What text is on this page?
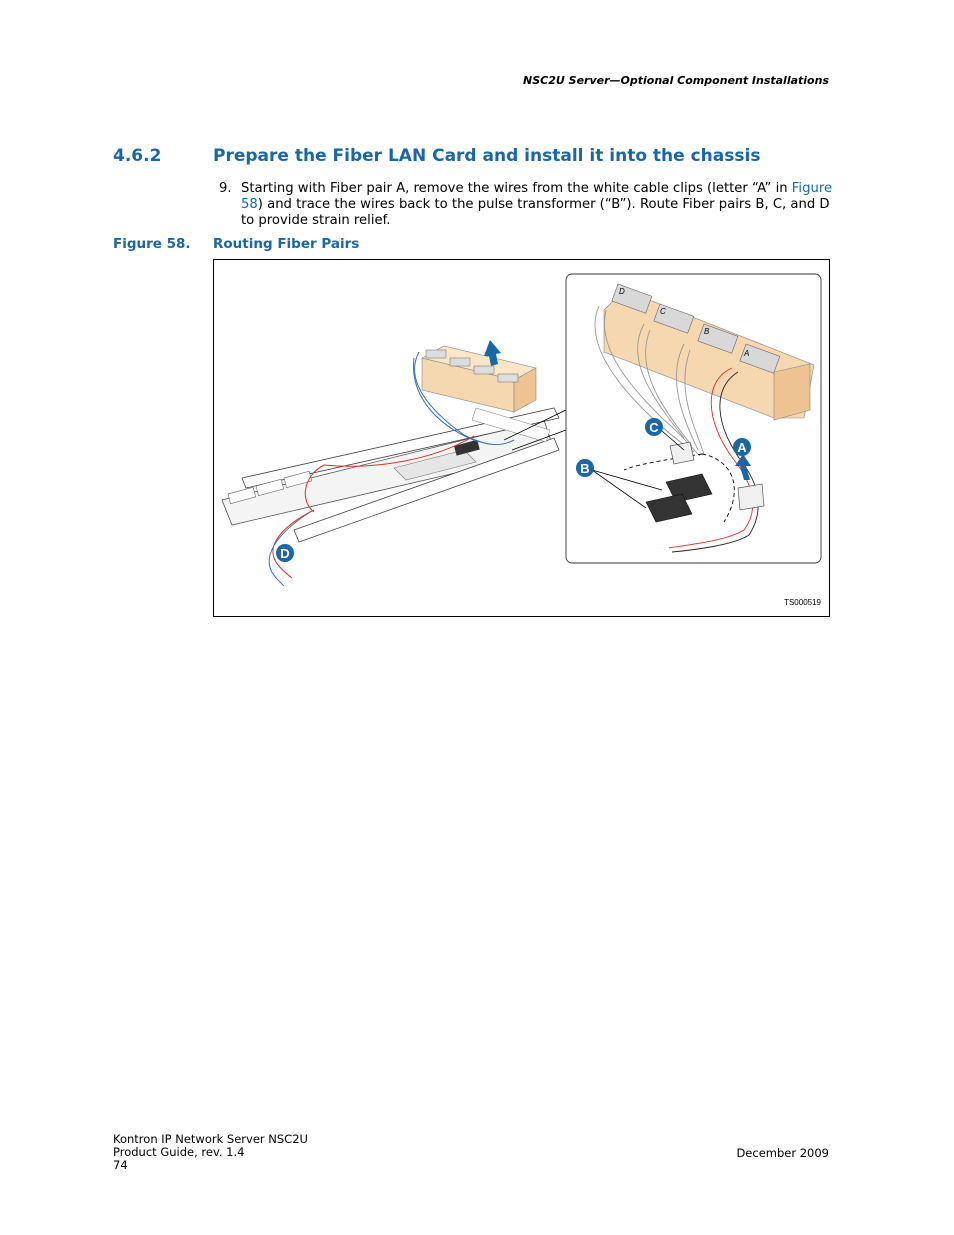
NSC2U Server—Optional Component Installations
4.6.2	Prepare the Fiber LAN Card and install it into the chassis
9. Starting with Fiber pair A, remove the wires from the white cable clips (letter “A” in Figure 58) and trace the wires back to the pulse transformer (“B”). Route Fiber pairs B, C, and D to provide strain relief.
Figure 58. Routing Fiber Pairs
D
C
B
A
A
B
C
D
TS000519
Kontron IP Network Server NSC2U
Product Guide, rev. 1.4
74
December 2009
